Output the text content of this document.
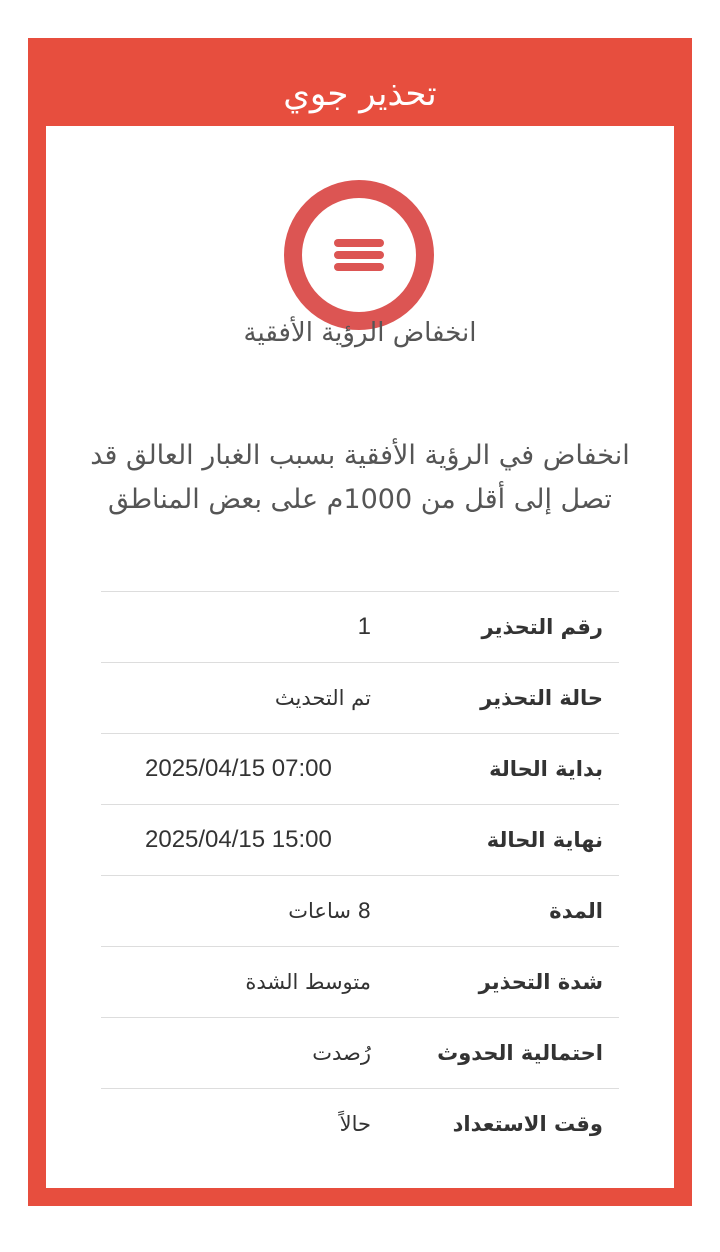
تحذير جوي
انخفاض الرؤية الأفقية
انخفاض في الرؤية الأفقية بسبب الغبار العالق قد تصل إلى أقل من 1000م على بعض المناطق
رقم التحذير
1
حالة التحذير
تم التحديث
بداية الحالة
2025/04/15 07:00
نهاية الحالة
2025/04/15 15:00
المدة
8 ساعات
شدة التحذير
متوسط الشدة
احتمالية الحدوث
رُصدت
وقت الاستعداد
حالاً
